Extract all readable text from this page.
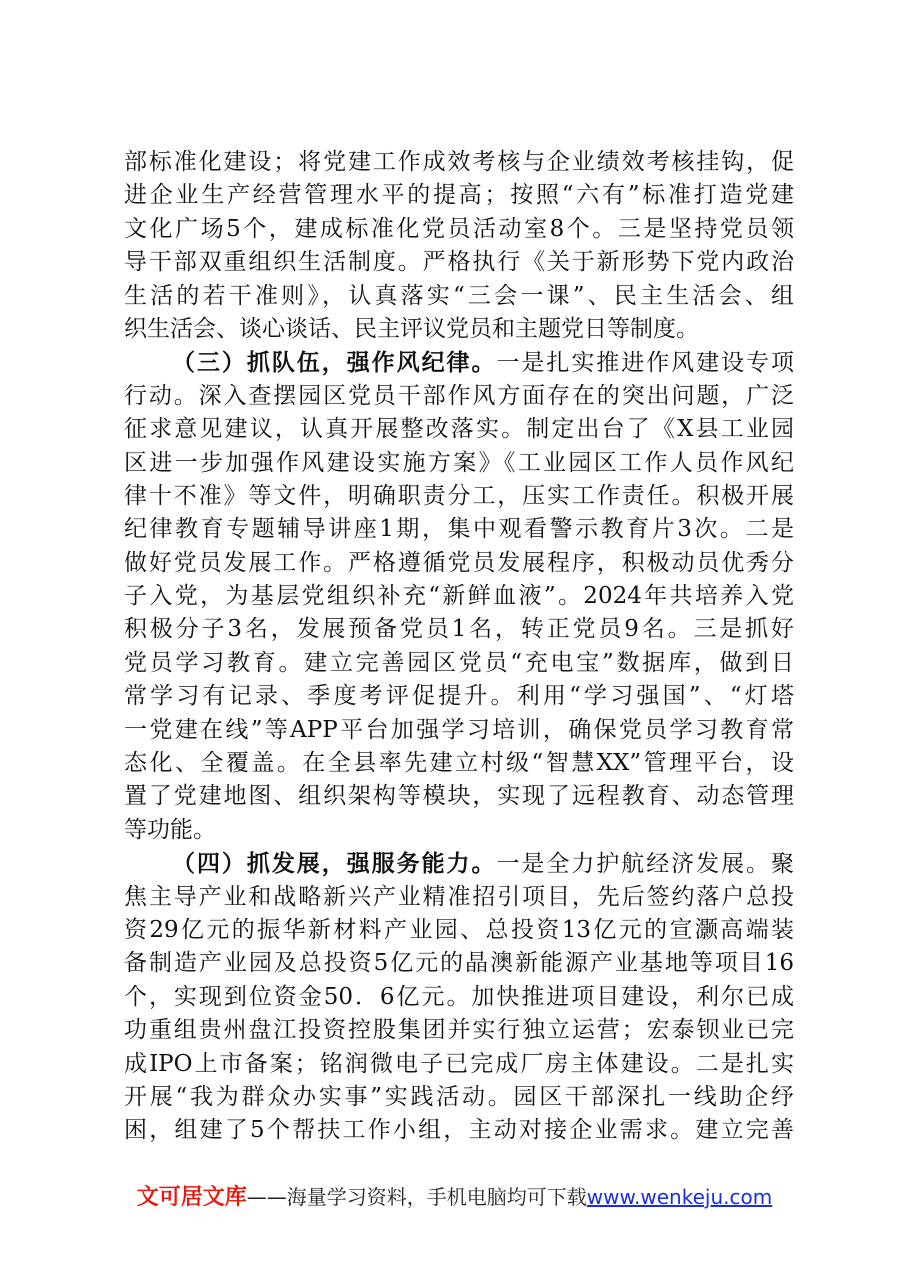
部标准化建设；将党建工作成效考核与企业绩效考核挂钩，促
进企业生产经营管理水平的提高；按照“六有”标准打造党建
文化广场5个，建成标准化党员活动室8个。三是坚持党员领
导干部双重组织生活制度。严格执行《关于新形势下党内政治
生活的若干准则》，认真落实“三会一课”、民主生活会、组
织生活会、谈心谈话、民主评议党员和主题党日等制度。
（三）抓队伍，强作风纪律。一是扎实推进作风建设专项
行动。深入查摆园区党员干部作风方面存在的突出问题，广泛
征求意见建议，认真开展整改落实。制定出台了《X县工业园
区进一步加强作风建设实施方案》《工业园区工作人员作风纪
律十不准》等文件，明确职责分工，压实工作责任。积极开展
纪律教育专题辅导讲座1期，集中观看警示教育片3次。二是
做好党员发展工作。严格遵循党员发展程序，积极动员优秀分
子入党，为基层党组织补充“新鲜血液”。2024年共培养入党
积极分子3名，发展预备党员1名，转正党员9名。三是抓好
党员学习教育。建立完善园区党员“充电宝”数据库，做到日
常学习有记录、季度考评促提升。利用“学习强国”、“灯塔
一党建在线”等APP平台加强学习培训，确保党员学习教育常
态化、全覆盖。在全县率先建立村级“智慧XX”管理平台，设
置了党建地图、组织架构等模块，实现了远程教育、动态管理
等功能。
（四）抓发展，强服务能力。一是全力护航经济发展。聚
焦主导产业和战略新兴产业精准招引项目，先后签约落户总投
资29亿元的振华新材料产业园、总投资13亿元的宣灏高端装
备制造产业园及总投资5亿元的晶澳新能源产业基地等项目16
个，实现到位资金50．6亿元。加快推进项目建设，利尔已成
功重组贵州盘江投资控股集团并实行独立运营；宏泰钡业已完
成IPO上市备案；铭润微电子已完成厂房主体建设。二是扎实
开展“我为群众办实事”实践活动。园区干部深扎一线助企纾
困，组建了5个帮扶工作小组，主动对接企业需求。建立完善
文可居文库——海量学习资料，手机电脑均可下载www.wenkeju.com
